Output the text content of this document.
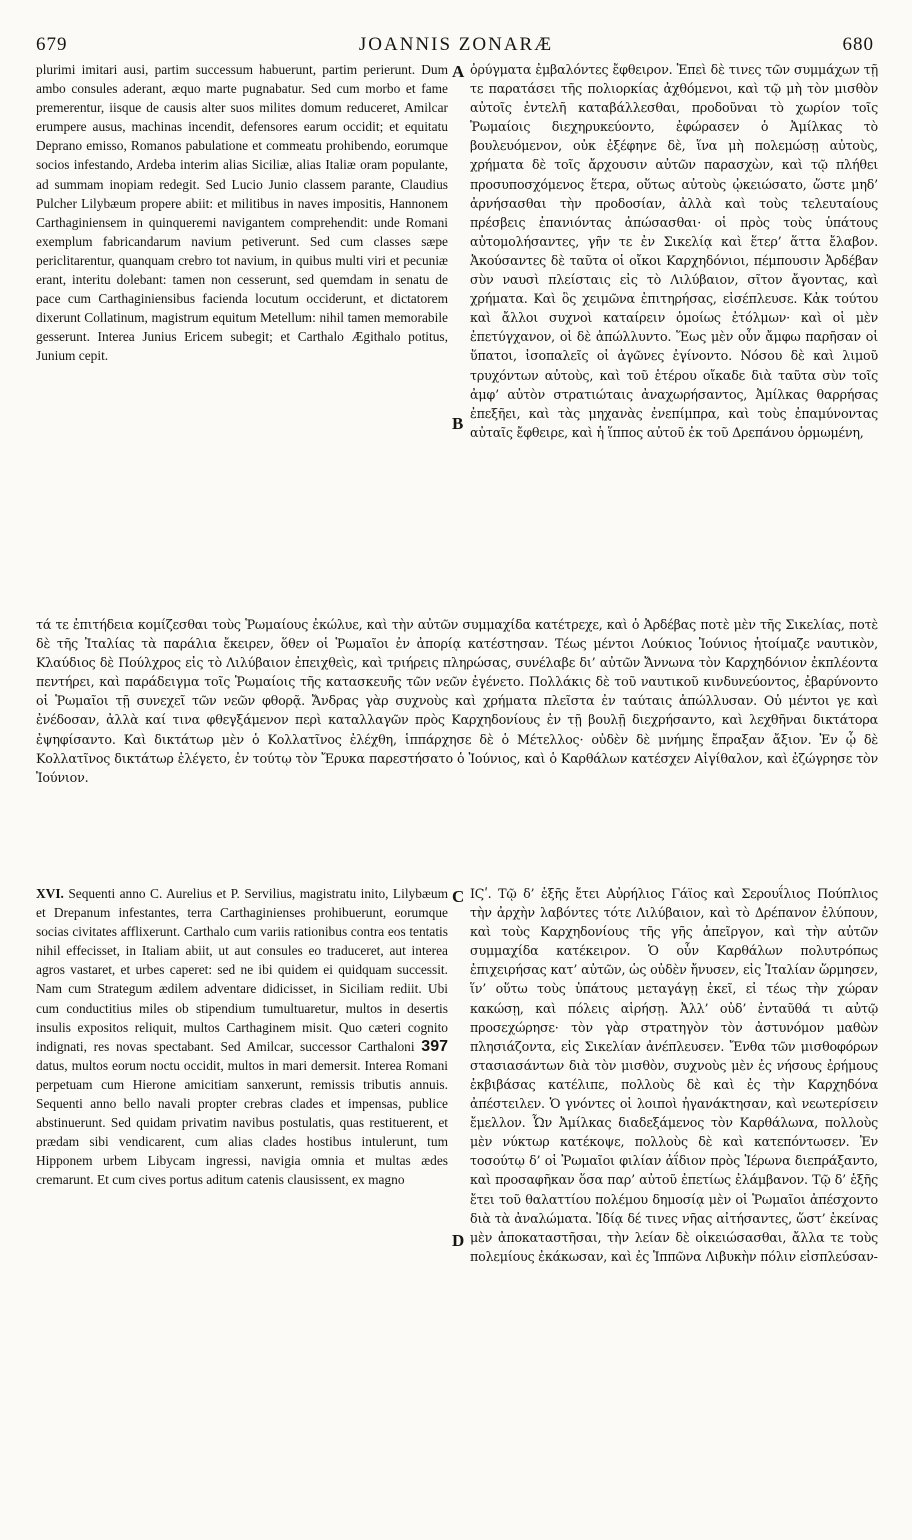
679	JOANNIS ZONARÆ	680
plurimi imitari ausi, partim successum habuerunt, partim perierunt. Dum ambo consules aderant, æquo marte pugnabatur. Sed cum morbo et fame premerentur, iisque de causis alter suos milites domum reduceret, Amilcar erumpere ausus, machinas incendit, defensores earum occidit; et equitatu Deprano emisso, Romanos pabulatione et commeatu prohibendo, eorumque socios infestando, Ardeba interim alias Siciliæ, alias Italiæ oram populante, ad summam inopiam redegit. Sed Lucio Junio classem parante, Claudius Pulcher Lilybæum propere abiit: et militibus in naves impositis, Hannonem Carthaginiensem in quinqueremi navigantem comprehendit: unde Romani exemplum fabricandarum navium petiverunt. Sed cum classes sæpe periclitarentur, quanquam crebro tot navium, in quibus multi viri et pecuniæ erant, interitu dolebant: tamen non cesserunt, sed quemdam in senatu de pace cum Carthaginiensibus facienda locutum occiderunt, et dictatorem dixerunt Collatinum, magistrum equitum Metellum: nihil tamen memorabile gesserunt. Interea Junius Ericem subegit; et Carthalo Ægithalo potitus, Junium cepit.
ὀρύγματα ἐμβαλόντες ἔφθειρον. Ἐπεὶ δὲ τινες τῶν συμμάχων τῇ τε παρατάσει τῆς πολιορκίας ἀχθόμενοι, καὶ τῷ μὴ τὸν μισθὸν αὐτοῖς ἐντελῆ καταβάλλεσθαι, προδοῦναι τὸ χωρίον τοῖς Ῥωμαίοις διεχηρυκεύοντο, ἐφώρασεν ὁ Ἀμίλκας τὸ βουλευόμενον, οὐκ ἐξέφηνε δὲ, ἵνα μὴ πολεμώσῃ αὐτοὺς, χρήματα δὲ τοῖς ἄρχουσιν αὐτῶν παρασχὼν, καὶ τῷ πλήθει προσυποσχόμενος ἕτερα, οὕτως αὐτοὺς ᾠκειώσατο, ὥστε μηδ’ ἀρνήσασθαι τὴν προδοσίαν, ἀλλὰ καὶ τοὺς τελευταίους πρέσβεις ἐπανιόντας ἀπώσασθαι· οἱ πρὸς τοὺς ὑπάτους αὐτομολήσαντες, γῆν τε ἐν Σικελίᾳ καὶ ἕτερ’ ἅττα ἔλαβον. Ἀκούσαντες δὲ ταῦτα οἱ οἴκοι Καρχηδόνιοι, πέμπουσιν Ἀρδέβαν σὺν ναυσὶ πλείσταις εἰς τὸ Λιλύβαιον, σῖτον ἄγοντας, καὶ χρήματα. Καὶ ὃς χειμῶνα ἐπιτηρήσας, εἰσέπλευσε. Κἀκ τούτου καὶ ἄλλοι συχνοὶ καταίρειν ὁμοίως ἐτόλμων· καὶ οἱ μὲν ἐπετύγχανον, οἱ δὲ ἀπώλλυντο. Ἕως μὲν οὖν ἄμφω παρῆσαν οἱ ὕπατοι, ἰσοπαλεῖς οἱ ἀγῶνες ἐγίνοντο. Νόσου δὲ καὶ λιμοῦ τρυχόντων αὐτοὺς, καὶ τοῦ ἑτέρου οἴκαδε διὰ ταῦτα σὺν τοῖς ἀμφ’ αὐτὸν στρατιώταις ἀναχωρήσαντος, Ἀμίλκας θαρρήσας ἐπεξῆει, καὶ τὰς μηχανὰς ἐνεπίμπρα, καὶ τοὺς ἐπαμύνοντας αὐταῖς ἔφθειρε, καὶ ἡ ἵππος αὐτοῦ ἐκ τοῦ Δρεπάνου ὁρμωμένη,
τά τε ἐπιτήδεια κομίζεσθαι τοὺς Ῥωμαίους ἐκώλυε, καὶ τὴν αὐτῶν συμμαχίδα κατέτρεχε, καὶ ὁ Ἀρδέβας ποτὲ μὲν τῆς Σικελίας, ποτὲ δὲ τῆς Ἰταλίας τὰ παράλια ἔκειρεν, ὅθεν οἱ Ῥωμαῖοι ἐν ἀπορίᾳ κατέστησαν. Τέως μέντοι Λούκιος Ἰούνιος ἡτοίμαζε ναυτικὸν, Κλαύδιος δὲ Πούλχρος εἰς τὸ Λιλύβαιον ἐπειχθεὶς, καὶ τριήρεις πληρώσας, συνέλαβε δι’ αὐτῶν Ἄννωνα τὸν Καρχηδόνιον ἐκπλέοντα πεντήρει, καὶ παράδειγμα τοῖς Ῥωμαίοις τῆς κατασκευῆς τῶν νεῶν ἐγένετο. Πολλάκις δὲ τοῦ ναυτικοῦ κινδυνεύοντος, ἐβαρύνοντο οἱ Ῥωμαῖοι τῇ συνεχεῖ τῶν νεῶν φθορᾷ. Ἄνδρας γὰρ συχνοὺς καὶ χρήματα πλεῖστα ἐν ταύταις ἀπώλλυσαν. Οὐ μέντοι γε καὶ ἐνέδοσαν, ἀλλὰ καί τινα φθεγξάμενον περὶ καταλλαγῶν πρὸς Καρχηδονίους ἐν τῇ βουλῇ διεχρήσαντο, καὶ λεχθῆναι δικτάτορα ἐψηφίσαντο. Καὶ δικτάτωρ μὲν ὁ Κολλατῖνος ἐλέχθη, ἱππάρχησε δὲ ὁ Μέτελλος· οὐδὲν δὲ μνήμης ἔπραξαν ἄξιον. Ἐν ᾧ δὲ Κολλατῖνος δικτάτωρ ἐλέγετο, ἐν τούτῳ τὸν Ἔρυκα παρεστήσατο ὁ Ἰούνιος, καὶ ὁ Καρθάλων κατέσχεν Αἰγίθαλον, καὶ ἐζώγρησε τὸν Ἰούνιον.
XVI. Sequenti anno C. Aurelius et P. Servilius, magistratu inito, Lilybæum et Drepanum infestantes, terra Carthaginienses prohibuerunt, eorumque socias civitates afflixerunt. Carthalo cum variis rationibus contra eos tentatis nihil effecisset, in Italiam abiit, ut aut consules eo traduceret, aut interea agros vastaret, et urbes caperet: sed ne ibi quidem ei quidquam successit. Nam cum Strategum ædilem adventare didicisset, in Siciliam rediit. Ubi cum conductitius miles ob stipendium tumultuaretur, multos in desertis insulis expositos reliquit, multos Carthaginem misit. Quo cæteri cognito indignati, res novas spectabant. Sed Amilcar, successor Carthaloni 397 datus, multos eorum noctu occidit, multos in mari demersit. Interea Romani perpetuam cum Hierone amicitiam sanxerunt, remissis tributis annuis. Sequenti anno bello navali propter crebras clades et impensas, publice abstinuerunt. Sed quidam privatim navibus postulatis, quas restituerent, et prædam sibi vendicarent, cum alias clades hostibus intulerunt, tum Hipponem urbem Libycam ingressi, navigia omnia et multas ædes cremarunt. Et cum cives portus aditum catenis clausissent, ex magno
ΙϚʹ. Τῷ δ’ ἑξῆς ἔτει Αὐρήλιος Γάϊος καὶ Σερουΐλιος Πούπλιος τὴν ἀρχὴν λαβόντες τότε Λιλύβαιον, καὶ τὸ Δρέπανον ἐλύπουν, καὶ τοὺς Καρχηδονίους τῆς γῆς ἀπεῖργον, καὶ τὴν αὐτῶν συμμαχίδα κατέκειρον. Ὁ οὖν Καρθάλων πολυτρόπως ἐπιχειρήσας κατ’ αὐτῶν, ὡς οὐδὲν ἤνυσεν, εἰς Ἰταλίαν ὥρμησεν, ἵν’ οὕτω τοὺς ὑπάτους μεταγάγῃ ἐκεῖ, εἰ τέως τὴν χώραν κακώσῃ, καὶ πόλεις αἱρήσῃ. Ἀλλ’ οὐδ’ ἐνταῦθά τι αὐτῷ προσεχώρησε· τὸν γὰρ στρατηγὸν τὸν ἀστυνόμον μαθὼν πλησιάζοντα, εἰς Σικελίαν ἀνέπλευσεν. Ἔνθα τῶν μισθοφόρων στασιασάντων διὰ τὸν μισθὸν, συχνοὺς μὲν ἐς νήσους ἐρήμους ἐκβιβάσας κατέλιπε, πολλοὺς δὲ καὶ ἐς τὴν Καρχηδόνα ἀπέστειλεν. Ὁ γνόντες οἱ λοιποὶ ἠγανάκτησαν, καὶ νεωτερίσειν ἔμελλον. Ὧν Ἀμίλκας διαδεξάμενος τὸν Καρθάλωνα, πολλοὺς μὲν νύκτωρ κατέκοψε, πολλοὺς δὲ καὶ κατεπόντωσεν. Ἐν τοσούτῳ δ’ οἱ Ῥωμαῖοι φιλίαν ἀΐδιον πρὸς Ἱέρωνα διεπράξαντο, καὶ προσαφῆκαν ὅσα παρ’ αὐτοῦ ἐπετίως ἐλάμβανον. Τῷ δ’ ἑξῆς ἔτει τοῦ θαλαττίου πολέμου δημοσίᾳ μὲν οἱ Ῥωμαῖοι ἀπέσχοντο διὰ τὰ ἀναλώματα. Ἰδίᾳ δέ τινες νῆας αἰτήσαντες, ὥστ’ ἐκείνας μὲν ἀποκαταστῆσαι, τὴν λείαν δὲ οἰκειώσασθαι, ἄλλα τε τοὺς πολεμίους ἐκάκωσαν, καὶ ἐς Ἱππῶνα Λιβυκὴν πόλιν εἰσπλεύσαν-
A
B
C
D
